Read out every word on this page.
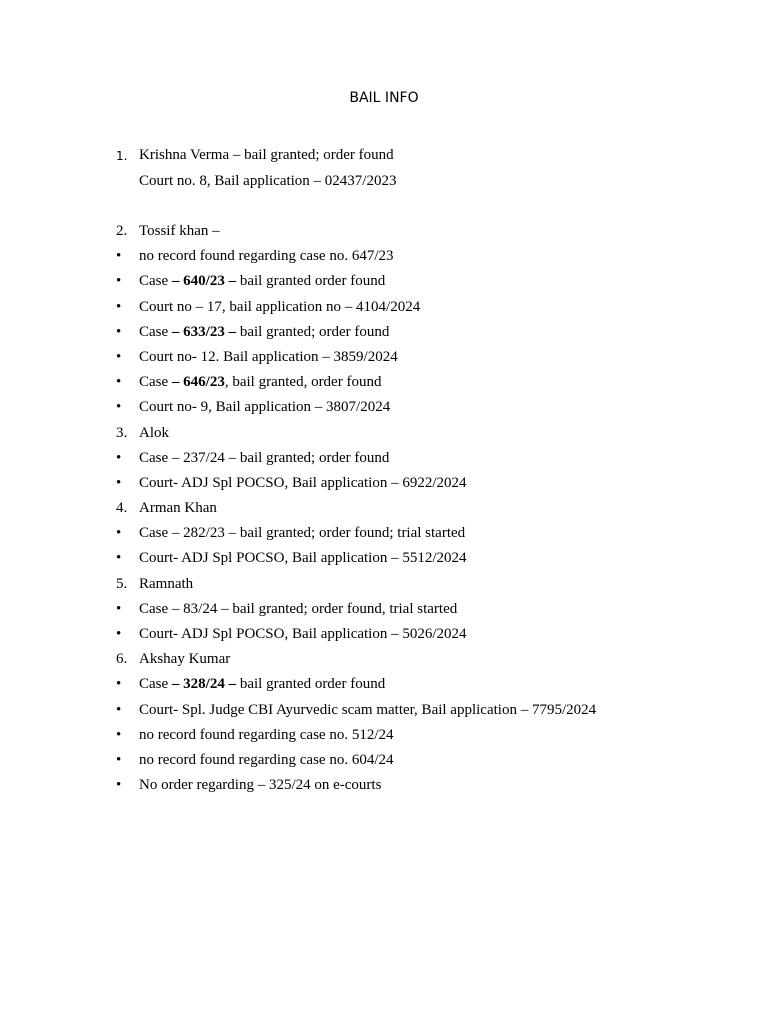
BAIL INFO
1. Krishna Verma – bail granted; order found
Court no. 8, Bail application – 02437/2023
2. Tossif khan –
• no record found regarding case no. 647/23
• Case – 640/23 – bail granted order found
• Court no – 17, bail application no – 4104/2024
• Case – 633/23 – bail granted; order found
• Court no- 12. Bail application – 3859/2024
• Case – 646/23, bail granted, order found
• Court no- 9, Bail application – 3807/2024
3. Alok
• Case – 237/24 – bail granted; order found
• Court- ADJ Spl POCSO, Bail application – 6922/2024
4. Arman Khan
• Case – 282/23 – bail granted; order found; trial started
• Court- ADJ Spl POCSO, Bail application – 5512/2024
5. Ramnath
• Case – 83/24 – bail granted; order found, trial started
• Court- ADJ Spl POCSO, Bail application – 5026/2024
6. Akshay Kumar
• Case – 328/24 – bail granted order found
• Court- Spl. Judge CBI Ayurvedic scam matter, Bail application – 7795/2024
• no record found regarding case no. 512/24
• no record found regarding case no. 604/24
• No order regarding – 325/24 on e-courts
